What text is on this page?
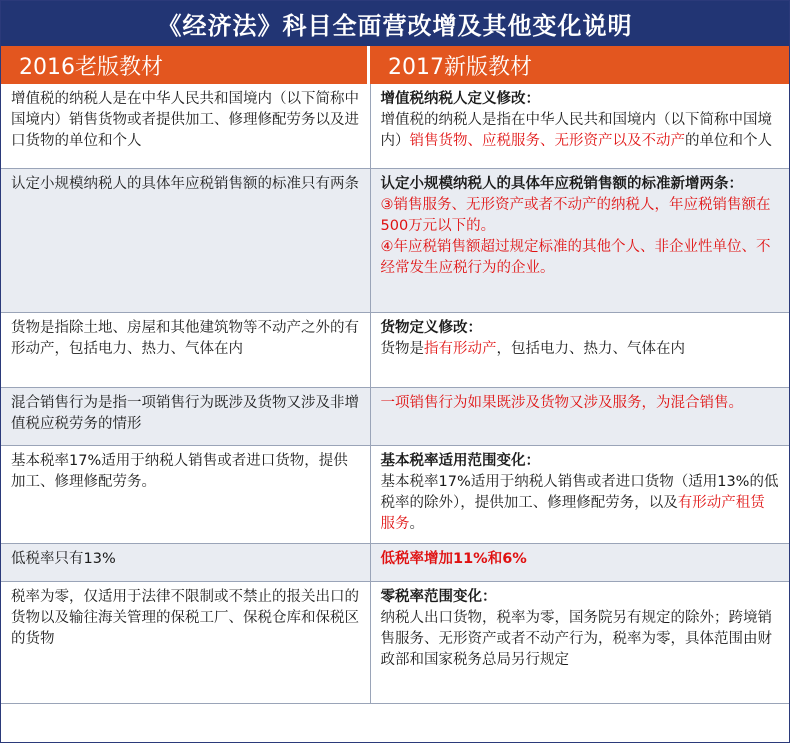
《经济法》科目全面营改增及其他变化说明
2016老版教材	2017新版教材
增值税的纳税人是在中华人民共和国境内（以下简称中国境内）销售货物或者提供加工、修理修配劳务以及进口货物的单位和个人	增值税纳税人定义修改：
增值税的纳税人是指在中华人民共和国境内（以下简称中国境内）销售货物、应税服务、无形资产以及不动产的单位和个人
认定小规模纳税人的具体年应税销售额的标准只有两条	认定小规模纳税人的具体年应税销售额的标准新增两条：
③销售服务、无形资产或者不动产的纳税人，年应税销售额在500万元以下的。
④年应税销售额超过规定标准的其他个人、非企业性单位、不经常发生应税行为的企业。

货物是指除土地、房屋和其他建筑物等不动产之外的有形动产，包括电力、热力、气体在内	货物定义修改：
货物是指有形动产，包括电力、热力、气体在内
混合销售行为是指一项销售行为既涉及货物又涉及非增值税应税劳务的情形	一项销售行为如果既涉及货物又涉及服务，为混合销售。
基本税率17%适用于纳税人销售或者进口货物，提供加工、修理修配劳务。	基本税率适用范围变化：
基本税率17%适用于纳税人销售或者进口货物（适用13%的低税率的除外），提供加工、修理修配劳务，以及有形动产租赁服务。
低税率只有13%	低税率增加11%和6%
税率为零，仅适用于法律不限制或不禁止的报关出口的货物以及输往海关管理的保税工厂、保税仓库和保税区的货物	零税率范围变化：
纳税人出口货物，税率为零，国务院另有规定的除外；跨境销售服务、无形资产或者不动产行为，税率为零，具体范围由财政部和国家税务总局另行规定
